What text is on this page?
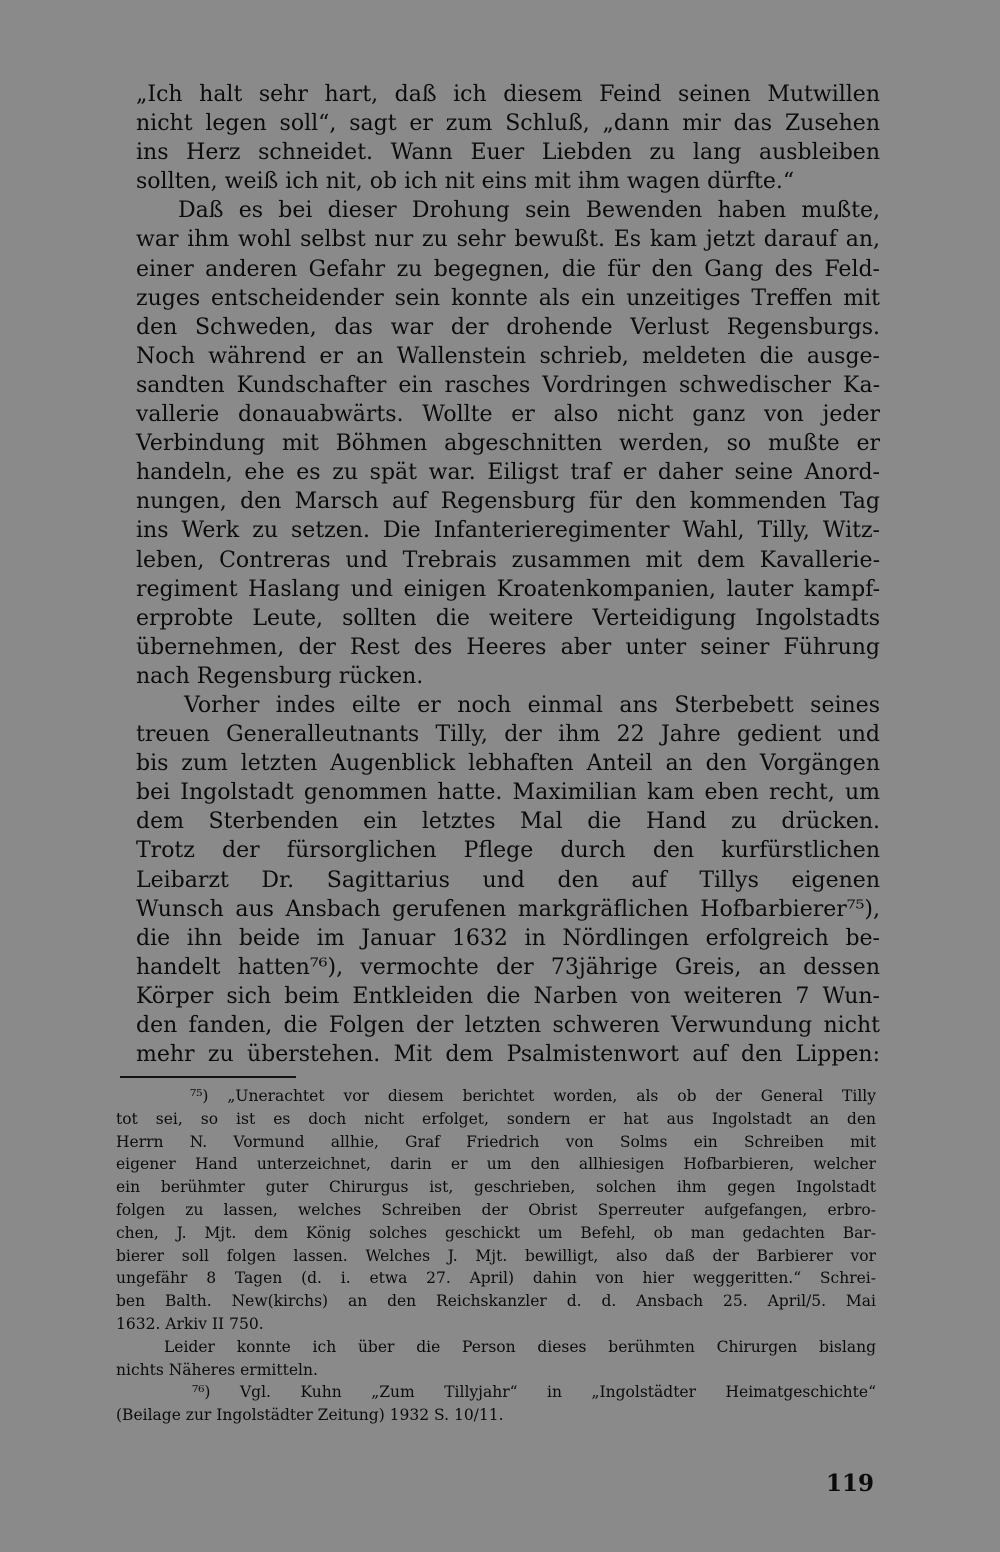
„Ich halt sehr hart, daß ich diesem Feind seinen Mutwillen
nicht legen soll“, sagt er zum Schluß, „dann mir das Zusehen
ins Herz schneidet. Wann Euer Liebden zu lang ausbleiben
sollten, weiß ich nit, ob ich nit eins mit ihm wagen dürfte.“
Daß es bei dieser Drohung sein Bewenden haben mußte,
war ihm wohl selbst nur zu sehr bewußt. Es kam jetzt darauf an,
einer anderen Gefahr zu begegnen, die für den Gang des Feld-
zuges entscheidender sein konnte als ein unzeitiges Treffen mit
den Schweden, das war der drohende Verlust Regensburgs.
Noch während er an Wallenstein schrieb, meldeten die ausge-
sandten Kundschafter ein rasches Vordringen schwedischer Ka-
vallerie donauabwärts. Wollte er also nicht ganz von jeder
Verbindung mit Böhmen abgeschnitten werden, so mußte er
handeln, ehe es zu spät war. Eiligst traf er daher seine Anord-
nungen, den Marsch auf Regensburg für den kommenden Tag
ins Werk zu setzen. Die Infanterieregimenter Wahl, Tilly, Witz-
leben, Contreras und Trebrais zusammen mit dem Kavallerie-
regiment Haslang und einigen Kroatenkompanien, lauter kampf-
erprobte Leute, sollten die weitere Verteidigung Ingolstadts
übernehmen, der Rest des Heeres aber unter seiner Führung
nach Regensburg rücken.
Vorher indes eilte er noch einmal ans Sterbebett seines
treuen Generalleutnants Tilly, der ihm 22 Jahre gedient und
bis zum letzten Augenblick lebhaften Anteil an den Vorgängen
bei Ingolstadt genommen hatte. Maximilian kam eben recht, um
dem Sterbenden ein letztes Mal die Hand zu drücken.
Trotz der fürsorglichen Pflege durch den kurfürstlichen
Leibarzt Dr. Sagittarius und den auf Tillys eigenen
Wunsch aus Ansbach gerufenen markgräflichen Hofbarbierer⁷⁵),
die ihn beide im Januar 1632 in Nördlingen erfolgreich be-
handelt hatten⁷⁶), vermochte der 73jährige Greis, an dessen
Körper sich beim Entkleiden die Narben von weiteren 7 Wun-
den fanden, die Folgen der letzten schweren Verwundung nicht
mehr zu überstehen. Mit dem Psalmistenwort auf den Lippen:
⁷⁵) „Unerachtet vor diesem berichtet worden, als ob der General Tilly
tot sei, so ist es doch nicht erfolget, sondern er hat aus Ingolstadt an den
Herrn N. Vormund allhie, Graf Friedrich von Solms ein Schreiben mit
eigener Hand unterzeichnet, darin er um den allhiesigen Hofbarbieren, welcher
ein berühmter guter Chirurgus ist, geschrieben, solchen ihm gegen Ingolstadt
folgen zu lassen, welches Schreiben der Obrist Sperreuter aufgefangen, erbro-
chen, J. Mjt. dem König solches geschickt um Befehl, ob man gedachten Bar-
bierer soll folgen lassen. Welches J. Mjt. bewilligt, also daß der Barbierer vor
ungefähr 8 Tagen (d. i. etwa 27. April) dahin von hier weggeritten.“ Schrei-
ben Balth. New(kirchs) an den Reichskanzler d. d. Ansbach 25. April/5. Mai
1632. Arkiv II 750.
Leider konnte ich über die Person dieses berühmten Chirurgen bislang
nichts Näheres ermitteln.
⁷⁶) Vgl. Kuhn „Zum Tillyjahr“ in „Ingolstädter Heimatgeschichte“
(Beilage zur Ingolstädter Zeitung) 1932 S. 10/11.
119
